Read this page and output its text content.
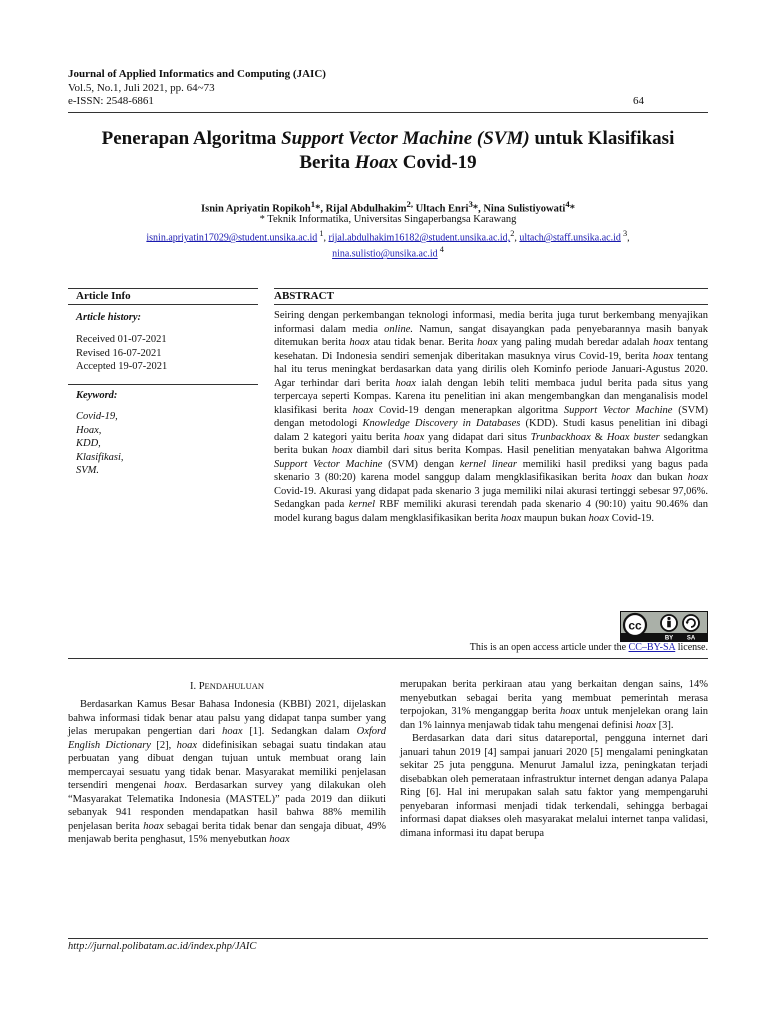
Journal of Applied Informatics and Computing (JAIC)
Vol.5, No.1, Juli 2021, pp. 64~73
e-ISSN: 2548-6861	64
Penerapan Algoritma Support Vector Machine (SVM) untuk Klasifikasi
Berita Hoax Covid-19
Isnin Apriyatin Ropikoh$^1$*, Rijal Abdulhakim$^{2,}$ Ultach Enri$^3$*, Nina Sulistiyowati$^4$*
* Teknik Informatika, Universitas Singaperbangsa Karawang
isnin.apriyatin17029@student.unsika.ac.id $^1$, rijal.abdulhakim16182@student.unsika.ac.id,$^2$, ultach@staff.unsika.ac.id $^3$,
nina.sulistio@unsika.ac.id $^4$
Article Info
Article history:
Received 01-07-2021
Revised 16-07-2021
Accepted 19-07-2021
Keyword:
Covid-19,
Hoax,
KDD,
Klasifikasi,
SVM.
ABSTRACT
Seiring dengan perkembangan teknologi informasi, media berita juga turut berkembang menyajikan informasi dalam media online. Namun, sangat disayangkan pada penyebarannya masih banyak ditemukan berita hoax atau tidak benar. Berita hoax yang paling mudah beredar adalah hoax tentang kesehatan. Di Indonesia sendiri semenjak diberitakan masuknya virus Covid-19, berita hoax tentang hal itu terus meningkat berdasarkan data yang dirilis oleh Kominfo periode Januari-Agustus 2020. Agar terhindar dari berita hoax ialah dengan lebih teliti membaca judul berita pada situs yang terpercaya seperti Kompas. Karena itu penelitian ini akan mengembangkan dan menganalisis model klasifikasi berita hoax Covid-19 dengan menerapkan algoritma Support Vector Machine (SVM) dengan metodologi Knowledge Discovery in Databases (KDD). Studi kasus penelitian ini dibagi dalam 2 kategori yaitu berita hoax yang didapat dari situs Trunbackhoax & Hoax buster sedangkan berita bukan hoax diambil dari situs berita Kompas. Hasil penelitian menyatakan bahwa Algoritma Support Vector Machine (SVM) dengan kernel linear memiliki hasil prediksi yang bagus pada skenario 3 (80:20) karena model sanggup dalam mengklasifikasikan berita hoax dan bukan hoax Covid-19. Akurasi yang didapat pada skenario 3 juga memiliki nilai akurasi tertinggi sebesar 97,06%. Sedangkan pada kernel RBF memiliki akurasi terendah pada skenario 4 (90:10) yaitu 90.46% dan model kurang bagus dalam mengklasifikasikan berita hoax maupun bukan hoax Covid-19.
cc
BY SA
This is an open access article under the CC–BY-SA license.
I. PENDAHULUAN

Berdasarkan Kamus Besar Bahasa Indonesia (KBBI) 2021, dijelaskan bahwa informasi tidak benar atau palsu yang didapat tanpa sumber yang jelas merupakan pengertian dari hoax [1]. Sedangkan dalam Oxford English Dictionary [2], hoax didefinisikan sebagai suatu tindakan atau perbuatan yang dibuat dengan tujuan untuk membuat orang lain mempercayai sesuatu yang tidak benar. Masyarakat memiliki penjelasan tersendiri mengenai hoax. Berdasarkan survey yang dilakukan oleh “Masyarakat Telematika Indonesia (MASTEL)” pada 2019 dan diikuti sebanyak 941 responden mendapatkan hasil bahwa 88% memilih penjelasan berita hoax sebagai berita tidak benar dan sengaja dibuat, 49% menjawab berita penghasut, 15% menyebutkan hoax

merupakan berita perkiraan atau yang berkaitan dengan sains, 14% menyebutkan sebagai berita yang membuat pemerintah merasa terpojokan, 31% menganggap berita hoax untuk menjelekan orang lain dan 1% lainnya menjawab tidak tahu mengenai definisi hoax [3].

Berdasarkan data dari situs datareportal, pengguna internet dari januari tahun 2019 [4] sampai januari 2020 [5] mengalami peningkatan sekitar 25 juta pengguna. Menurut Jamalul izza, peningkatan terjadi disebabkan oleh pemerataan infrastruktur internet dengan adanya Palapa Ring [6]. Hal ini merupakan salah satu faktor yang mempengaruhi penyebaran informasi menjadi tidak terkendali, sehingga berbagai informasi dapat diakses oleh masyarakat melalui internet tanpa validasi, dimana informasi itu dapat berupa

http://jurnal.polibatam.ac.id/index.php/JAIC
